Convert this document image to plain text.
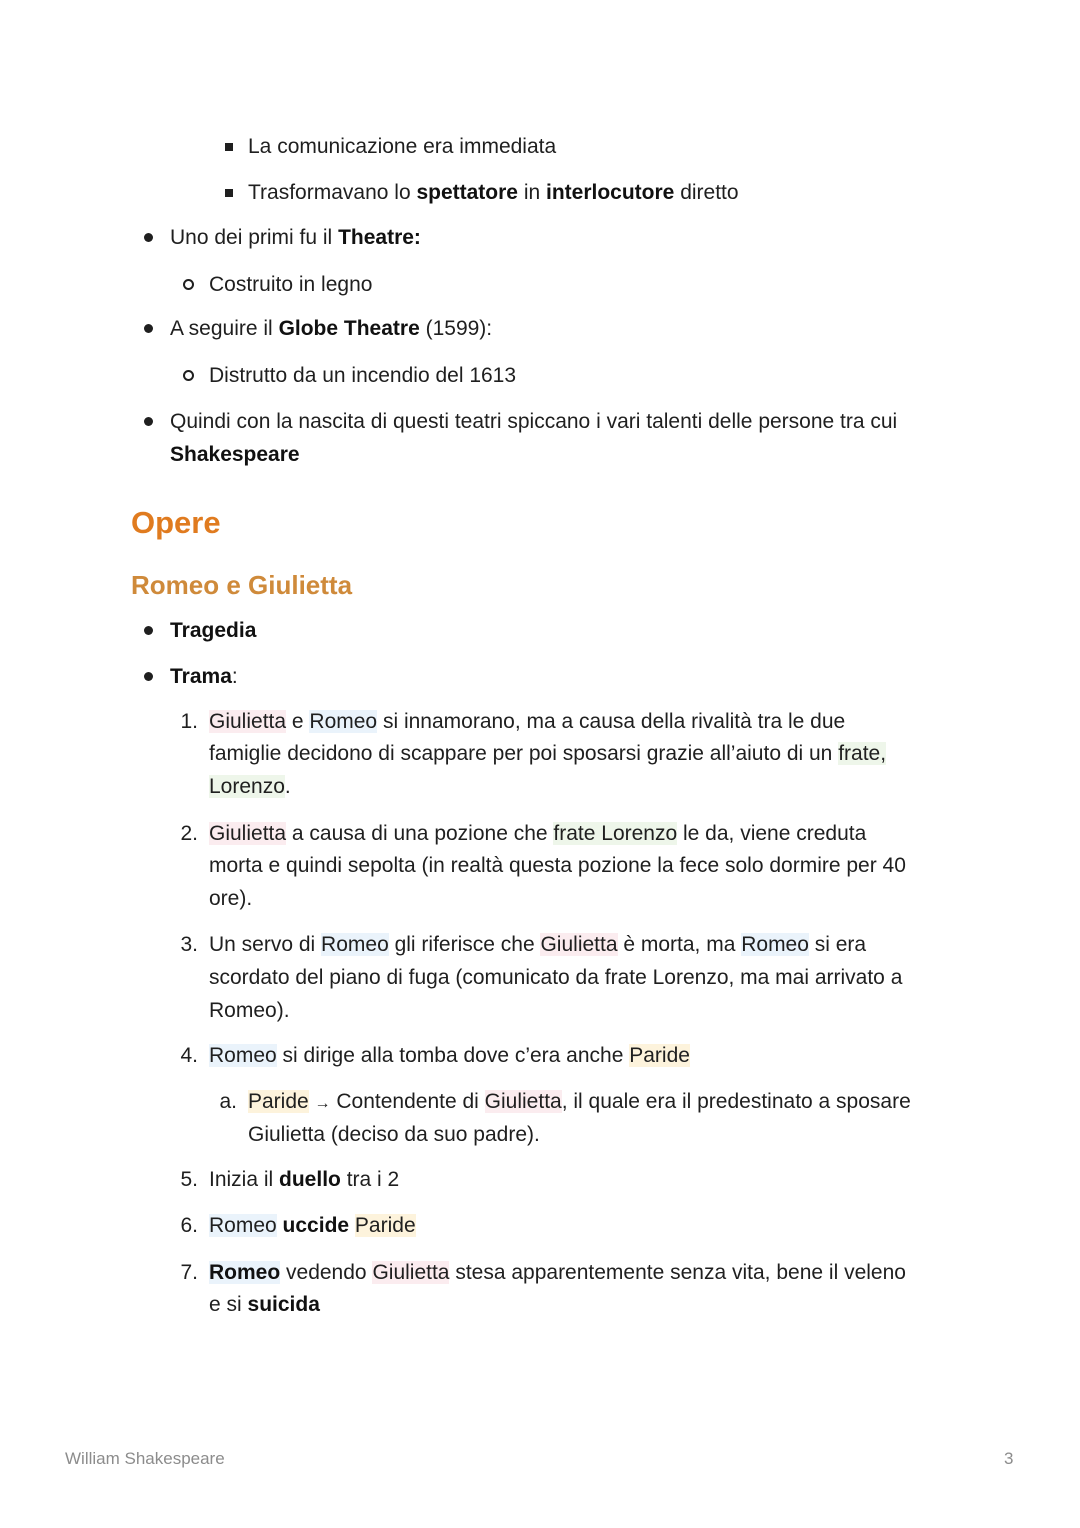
La comunicazione era immediata
Trasformavano lo spettatore in interlocutore diretto
Uno dei primi fu il Theatre:
Costruito in legno
A seguire il Globe Theatre (1599):
Distrutto da un incendio del 1613
Quindi con la nascita di questi teatri spiccano i vari talenti delle persone tra cui
Shakespeare
Opere
Romeo e Giulietta
Tragedia
Trama:
1. Giulietta e Romeo si innamorano, ma a causa della rivalità tra le due
famiglie decidono di scappare per poi sposarsi grazie all’aiuto di un frate,
Lorenzo.
2. Giulietta a causa di una pozione che frate Lorenzo le da, viene creduta
morta e quindi sepolta (in realtà questa pozione la fece solo dormire per 40
ore).
3. Un servo di Romeo gli riferisce che Giulietta è morta, ma Romeo si era
scordato del piano di fuga (comunicato da frate Lorenzo, ma mai arrivato a
Romeo).
4. Romeo si dirige alla tomba dove c’era anche Paride
a. Paride → Contendente di Giulietta, il quale era il predestinato a sposare
Giulietta (deciso da suo padre).
5. Inizia il duello tra i 2
6. Romeo uccide Paride
7. Romeo vedendo Giulietta stesa apparentemente senza vita, bene il veleno
e si suicida
William Shakespeare	3
